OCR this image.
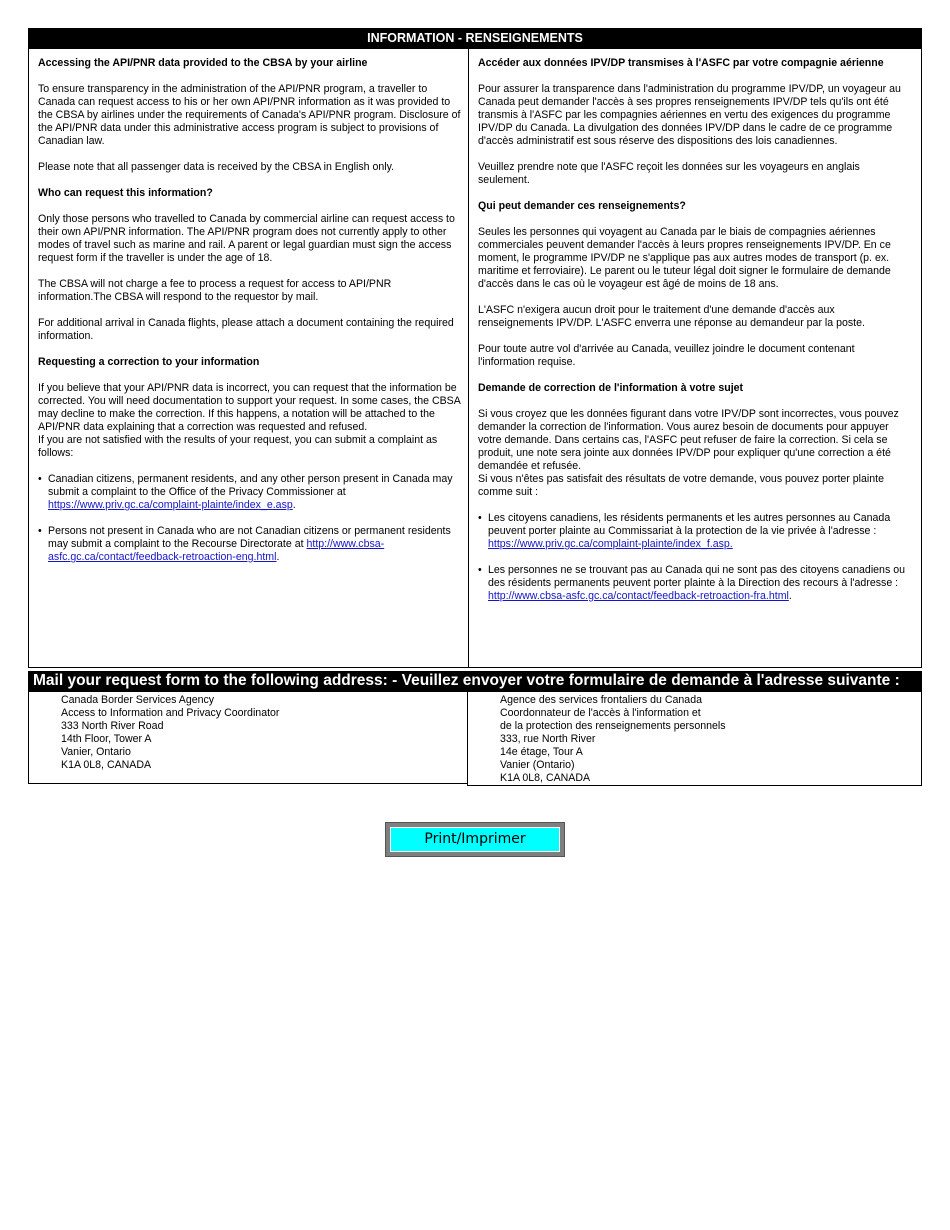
INFORMATION - RENSEIGNEMENTS

Accessing the API/PNR data provided to the CBSA by your airline

To ensure transparency in the administration of the API/PNR program, a traveller to Canada can request access to his or her own API/PNR information as it was provided to the CBSA by airlines under the requirements of Canada's API/PNR program. Disclosure of the API/PNR data under this administrative access program is subject to provisions of Canadian law.

Please note that all passenger data is received by the CBSA in English only.

Who can request this information?

Only those persons who travelled to Canada by commercial airline can request access to their own API/PNR information. The API/PNR program does not currently apply to other modes of travel such as marine and rail. A parent or legal guardian must sign the access request form if the traveller is under the age of 18.

The CBSA will not charge a fee to process a request for access to API/PNR information.The CBSA will respond to the requestor by mail.

For additional arrival in Canada flights, please attach a document containing the required information.

Requesting a correction to your information

If you believe that your API/PNR data is incorrect, you can request that the information be corrected. You will need documentation to support your request. In some cases, the CBSA may decline to make the correction. If this happens, a notation will be attached to the API/PNR data explaining that a correction was requested and refused.

If you are not satisfied with the results of your request, you can submit a complaint as follows:

• Canadian citizens, permanent residents, and any other person present in Canada may submit a complaint to the Office of the Privacy Commissioner at https://www.priv.gc.ca/complaint-plainte/index_e.asp.
• Persons not present in Canada who are not Canadian citizens or permanent residents may submit a complaint to the Recourse Directorate at http://www.cbsa-asfc.gc.ca/contact/feedback-retroaction-eng.html.

Accéder aux données IPV/DP transmises à l'ASFC par votre compagnie aérienne

Pour assurer la transparence dans l'administration du programme IPV/DP, un voyageur au Canada peut demander l'accès à ses propres renseignements IPV/DP tels qu'ils ont été transmis à l'ASFC par les compagnies aériennes en vertu des exigences du programme IPV/DP du Canada. La divulgation des données IPV/DP dans le cadre de ce programme d'accès administratif est sous réserve des dispositions des lois canadiennes.

Veuillez prendre note que l'ASFC reçoit les données sur les voyageurs en anglais seulement.

Qui peut demander ces renseignements?

Seules les personnes qui voyagent au Canada par le biais de compagnies aériennes commerciales peuvent demander l'accès à leurs propres renseignements IPV/DP. En ce moment, le programme IPV/DP ne s'applique pas aux autres modes de transport (p. ex. maritime et ferroviaire). Le parent ou le tuteur légal doit signer le formulaire de demande d'accès dans le cas où le voyageur est âgé de moins de 18 ans.

L'ASFC n'exigera aucun droit pour le traitement d'une demande d'accès aux renseignements IPV/DP. L'ASFC enverra une réponse au demandeur par la poste.

Pour toute autre vol d'arrivée au Canada, veuillez joindre le document contenant l'information requise.

Demande de correction de l'information à votre sujet

Si vous croyez que les données figurant dans votre IPV/DP sont incorrectes, vous pouvez demander la correction de l'information. Vous aurez besoin de documents pour appuyer votre demande. Dans certains cas, l'ASFC peut refuser de faire la correction. Si cela se produit, une note sera jointe aux données IPV/DP pour expliquer qu'une correction a été demandée et refusée.

Si vous n'êtes pas satisfait des résultats de votre demande, vous pouvez porter plainte comme suit :

• Les citoyens canadiens, les résidents permanents et les autres personnes au Canada peuvent porter plainte au Commissariat à la protection de la vie privée à l'adresse : https://www.priv.gc.ca/complaint-plainte/index_f.asp.
• Les personnes ne se trouvant pas au Canada qui ne sont pas des citoyens canadiens ou des résidents permanents peuvent porter plainte à la Direction des recours à l'adresse : http://www.cbsa-asfc.gc.ca/contact/feedback-retroaction-fra.html.
Mail your request form to the following address: - Veuillez envoyer votre formulaire de demande à l'adresse suivante :
Canada Border Services Agency
Access to Information and Privacy Coordinator
333 North River Road
14th Floor, Tower A
Vanier, Ontario
K1A 0L8, CANADA
Agence des services frontaliers du Canada
Coordonnateur de l'accès à l'information et
de la protection des renseignements personnels
333, rue North River
14e étage, Tour A
Vanier (Ontario)
K1A 0L8, CANADA
Print/Imprimer
